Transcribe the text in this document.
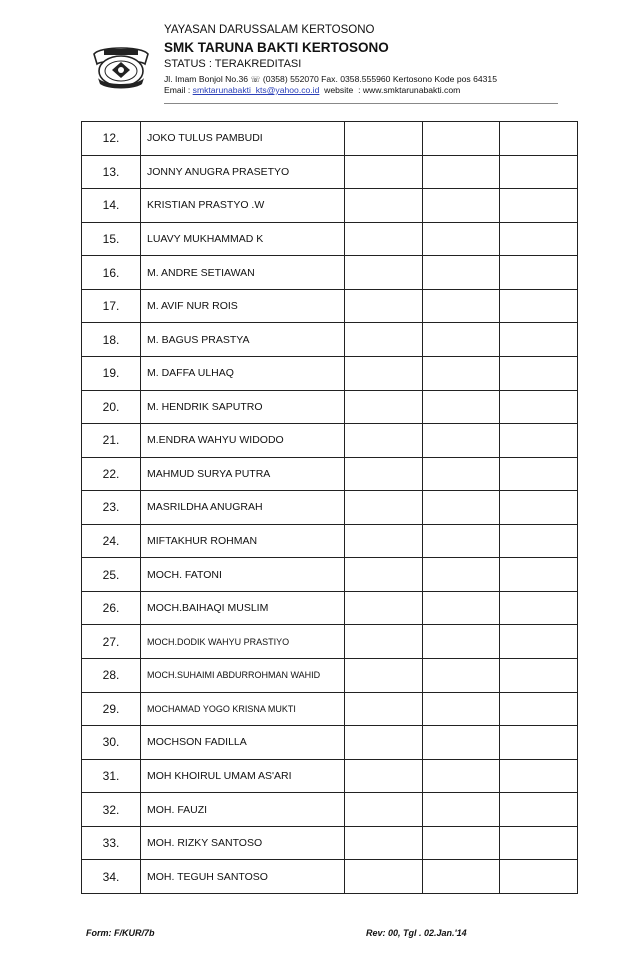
YAYASAN DARUSSALAM KERTOSONO
SMK TARUNA BAKTI KERTOSONO
STATUS : TERAKREDITASI
Jl. Imam Bonjol No.36 ☏ (0358) 552070 Fax. 0358.555960 Kertosono Kode pos 64315
Email : smktarunabakti_kts@yahoo.co.id  website  : www.smktarunabakti.com
12.	JOKO TULUS PAMBUDI			
13.	JONNY ANUGRA PRASETYO			
14.	KRISTIAN PRASTYO .W			
15.	LUAVY MUKHAMMAD K			
16.	M. ANDRE SETIAWAN			
17.	M. AVIF NUR ROIS			
18.	M. BAGUS PRASTYA			
19.	M. DAFFA ULHAQ			
20.	M. HENDRIK SAPUTRO			
21.	M.ENDRA WAHYU WIDODO			
22.	MAHMUD SURYA PUTRA			
23.	MASRILDHA ANUGRAH			
24.	MIFTAKHUR ROHMAN			
25.	MOCH. FATONI			
26.	MOCH.BAIHAQI MUSLIM			
27.	MOCH.DODIK WAHYU PRASTIYO			
28.	MOCH.SUHAIMI ABDURROHMAN WAHID			
29.	MOCHAMAD YOGO KRISNA MUKTI			
30.	MOCHSON FADILLA			
31.	MOH KHOIRUL UMAM AS'ARI			
32.	MOH. FAUZI			
33.	MOH. RIZKY SANTOSO			
34.	MOH. TEGUH SANTOSO			
Form: F/KUR/7b	Rev: 00, Tgl . 02.Jan.'14
